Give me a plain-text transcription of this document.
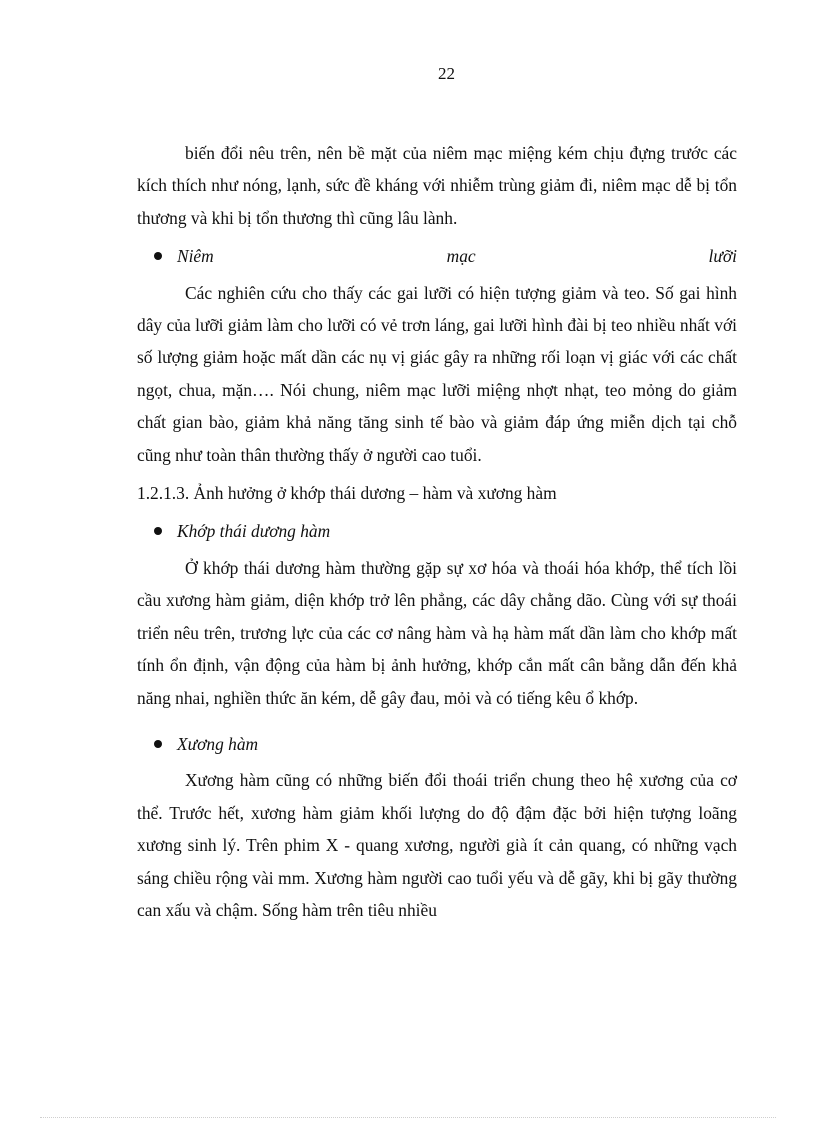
22

biến đổi nêu trên, nên bề mặt của niêm mạc miệng kém chịu đựng trước các kích thích như nóng, lạnh, sức đề kháng với nhiễm trùng giảm đi, niêm mạc dễ bị tổn thương và khi bị tổn thương thì cũng lâu lành.

Niêm	mạc	lưỡi

Các nghiên cứu cho thấy các gai lưỡi có hiện tượng giảm và teo. Số gai hình dây của lưỡi giảm làm cho lưỡi có vẻ trơn láng, gai lưỡi hình đài bị teo nhiều nhất với số lượng giảm hoặc mất dần các nụ vị giác gây ra những rối loạn vị giác với các chất ngọt, chua, mặn…. Nói chung, niêm mạc lưỡi miệng nhợt nhạt, teo mỏng do giảm chất gian bào, giảm khả năng tăng sinh tế bào và giảm đáp ứng miễn dịch tại chỗ cũng như toàn thân thường thấy ở người cao tuổi.

1.2.1.3. Ảnh hưởng ở khớp thái dương – hàm và xương hàm
Khớp thái dương hàm

Ở khớp thái dương hàm thường gặp sự xơ hóa và thoái hóa khớp, thể tích lồi cầu xương hàm giảm, diện khớp trở lên phẳng, các dây chằng dão. Cùng với sự thoái triển nêu trên, trương lực của các cơ nâng hàm và hạ hàm mất dần làm cho khớp mất tính ổn định, vận động của hàm bị ảnh hưởng, khớp cắn mất cân bằng dẫn đến khả năng nhai, nghiền thức ăn kém, dễ gây đau, mỏi và có tiếng kêu ổ khớp.

Xương hàm

Xương hàm cũng có những biến đổi thoái triển chung theo hệ xương của cơ thể. Trước hết, xương hàm giảm khối lượng do độ đậm đặc bởi hiện tượng loãng xương sinh lý. Trên phim X - quang xương, người già ít cản quang, có những vạch sáng chiều rộng vài mm. Xương hàm người cao tuổi yếu và dễ gãy, khi bị gãy thường can xấu và chậm. Sống hàm trên tiêu nhiều
